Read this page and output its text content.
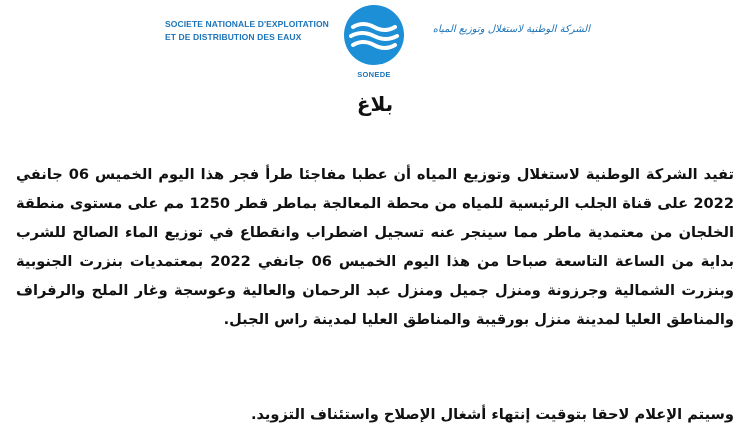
SOCIETE NATIONALE D'EXPLOITATION
ET DE DISTRIBUTION DES EAUX
SONEDE
الشركة الوطنية لاستغلال وتوزيع المياه
بلاغ
تفيد الشركة الوطنية لاستغلال وتوزيع المياه أن عطبا مفاجئا طرأ فجر هذا اليوم الخميس 06 جانفي 2022 على قناة الجلب الرئيسية للمياه من محطة المعالجة بماطر قطر 1250 مم على مستوى منطقة الخلجان من معتمدية ماطر مما سينجر عنه تسجيل اضطراب وانقطاع في توزيع الماء الصالح للشرب بداية من الساعة التاسعة صباحا من هذا اليوم الخميس 06 جانفي 2022 بمعتمديات بنزرت الجنوبية وبنزرت الشمالية وجرزونة ومنزل جميل ومنزل عبد الرحمان والعالية وعوسجة وغار الملح والرفراف والمناطق العليا لمدينة منزل بورقيبة والمناطق العليا لمدينة راس الجبل.
وسيتم الإعلام لاحقا بتوقيت إنتهاء أشغال الإصلاح واستئناف التزويد.
